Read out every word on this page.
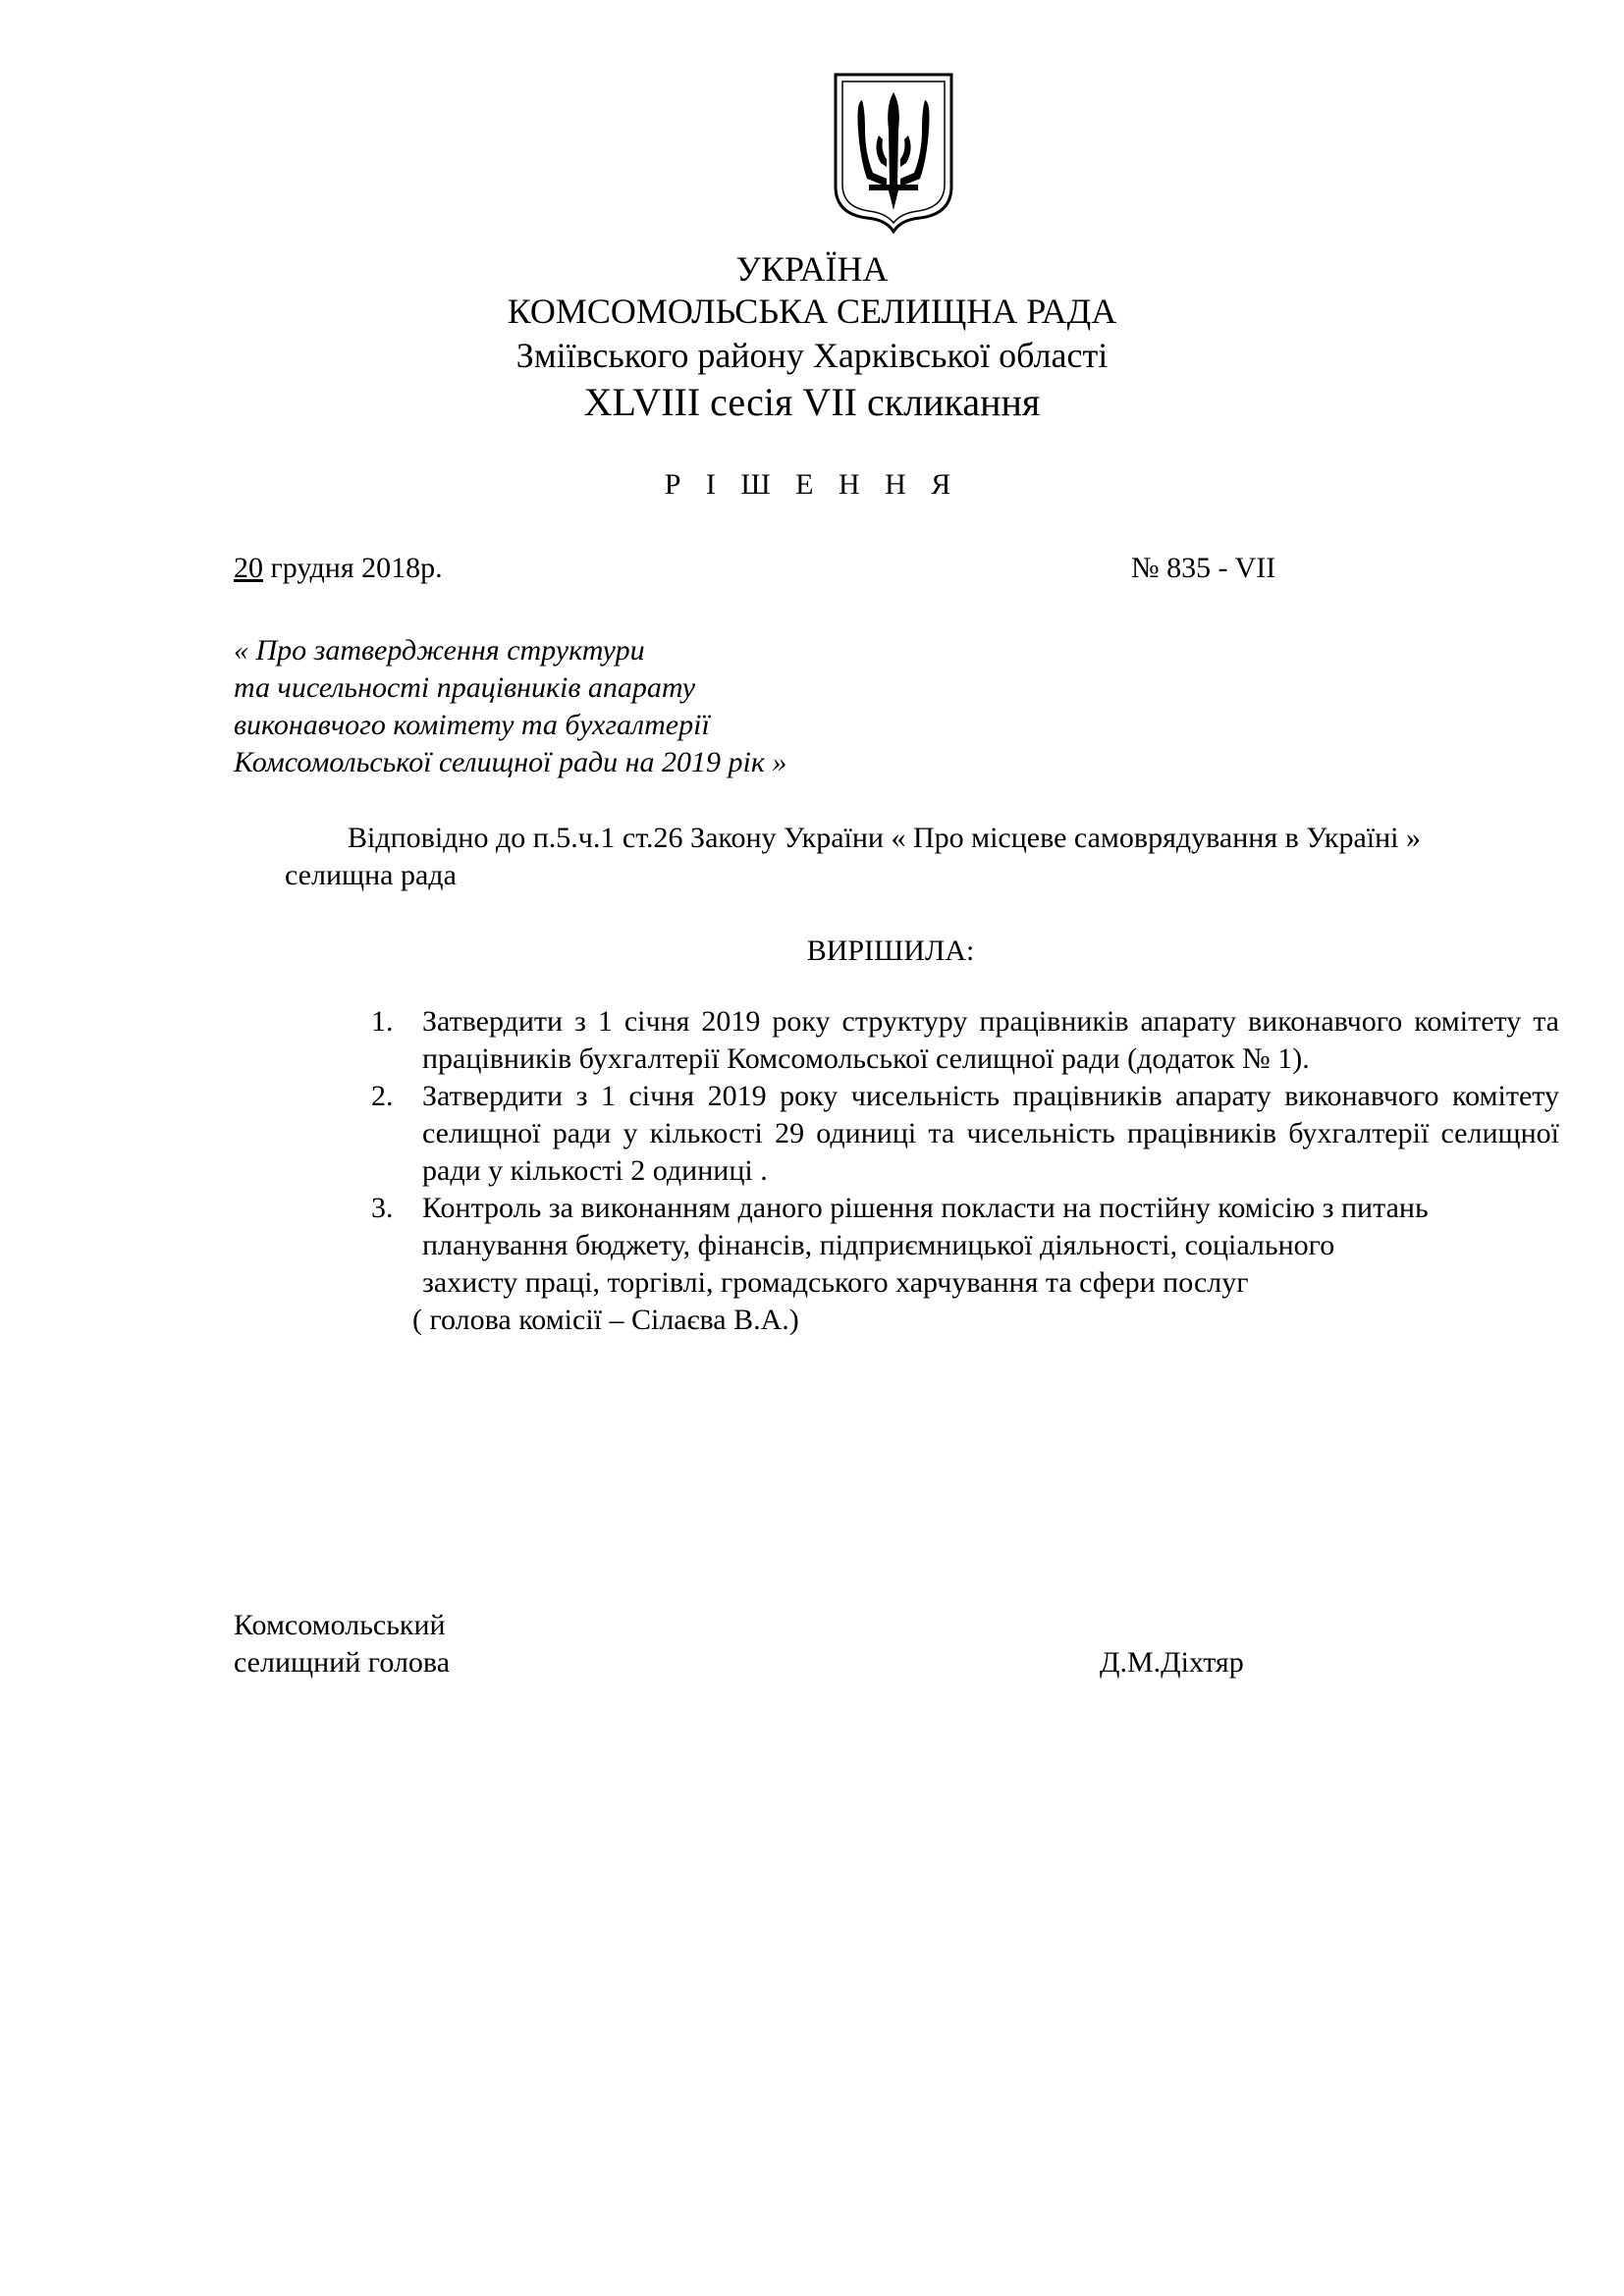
УКРАЇНА
КОМСОМОЛЬСЬКА СЕЛИЩНА РАДА
Зміївського району Харківської області
XLVIII сесія VII скликання
Р І Ш Е Н Н Я
20 грудня 2018р.	№ 835 - VII
« Про затвердження структури
та чисельності працівників апарату
виконавчого комітету та бухгалтерії
Комсомольської селищної ради на 2019 рік »
Відповідно до п.5.ч.1 ст.26 Закону України « Про місцеве самоврядування в Україні »
селищна рада
ВИРІШИЛА:
1. Затвердити з 1 січня 2019 року структуру працівників апарату виконавчого комітету та працівників бухгалтерії Комсомольської селищної ради (додаток № 1).
2. Затвердити з 1 січня 2019 року чисельність працівників апарату виконавчого комітету селищної ради у кількості 29 одиниці та чисельність працівників бухгалтерії селищної ради у кількості 2 одиниці .
3. Контроль за виконанням даного рішення покласти на постійну комісію з питань
планування бюджету, фінансів, підприємницької діяльності, соціального
захисту праці, торгівлі, громадського харчування та сфери послуг
( голова комісії – Сілаєва В.А.)
Комсомольський
селищний голова	Д.М.Діхтяр
